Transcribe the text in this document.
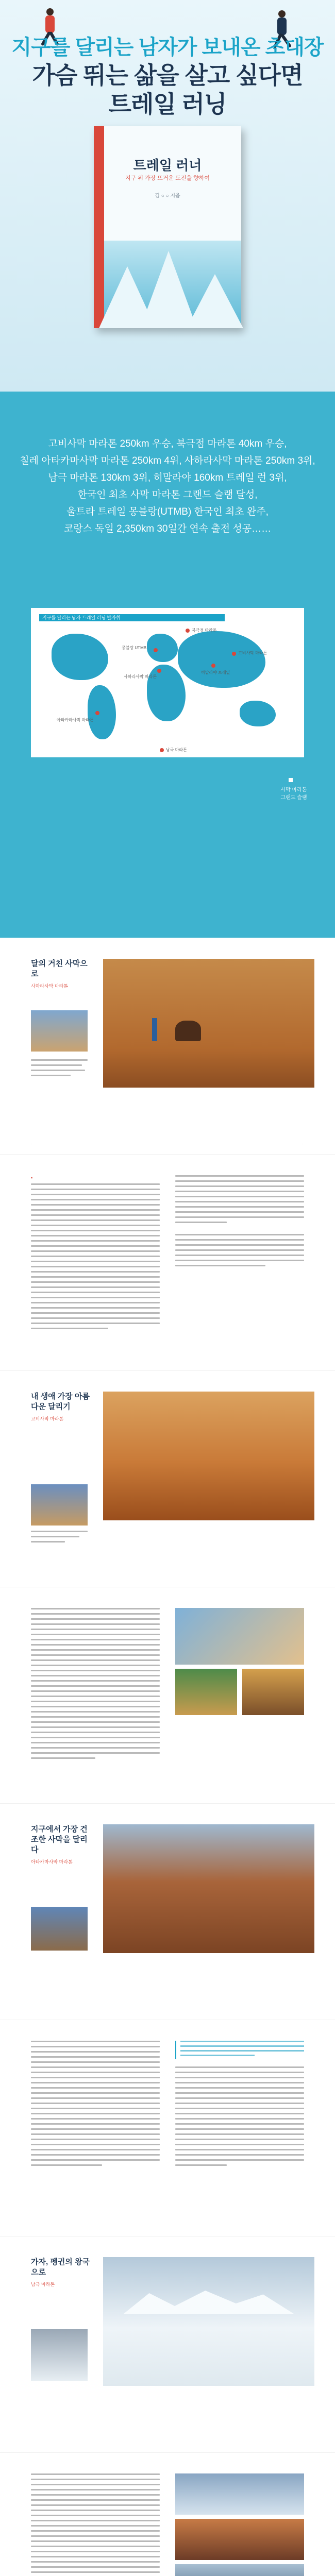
지구를 달리는 남자가 보내온 초대장
가슴 뛰는 삶을 살고 싶다면
트레일 러닝
트레일 러너
지구 위 가장 뜨거운 도전을 향하여
김 ○ ○ 지음
고비사막 마라톤 250km 우승, 북극점 마라톤 40km 우승,
칠레 아타카마사막 마라톤 250km 4위, 사하라사막 마라톤 250km 3위,
남극 마라톤 130km 3위, 히말라야 160km 트레일 런 3위,
한국인 최초 사막 마라톤 그랜드 슬램 달성,
울트라 트레일 몽블랑(UTMB) 한국인 최초 완주,
코랑스 독일 2,350km 30일간 연속 출전 성공……
지구를 달리는 남자 트레일 러닝 발자취
북극점 마라톤
사하라사막 마라톤
몽블랑 UTMB
고비사막 마라톤
히말라야 트레일
아타카마사막 마라톤
남극 마라톤
사막 마라톤
그랜드 슬램
달의 거친 사막으로
사하라사막 마라톤
·	·
▪
내 생애 가장 아름다운 달리기
고비사막 마라톤
지구에서 가장 건조한 사막을 달리다
아타카마사막 마라톤
가자, 펭귄의 왕국으로
남극 마라톤
